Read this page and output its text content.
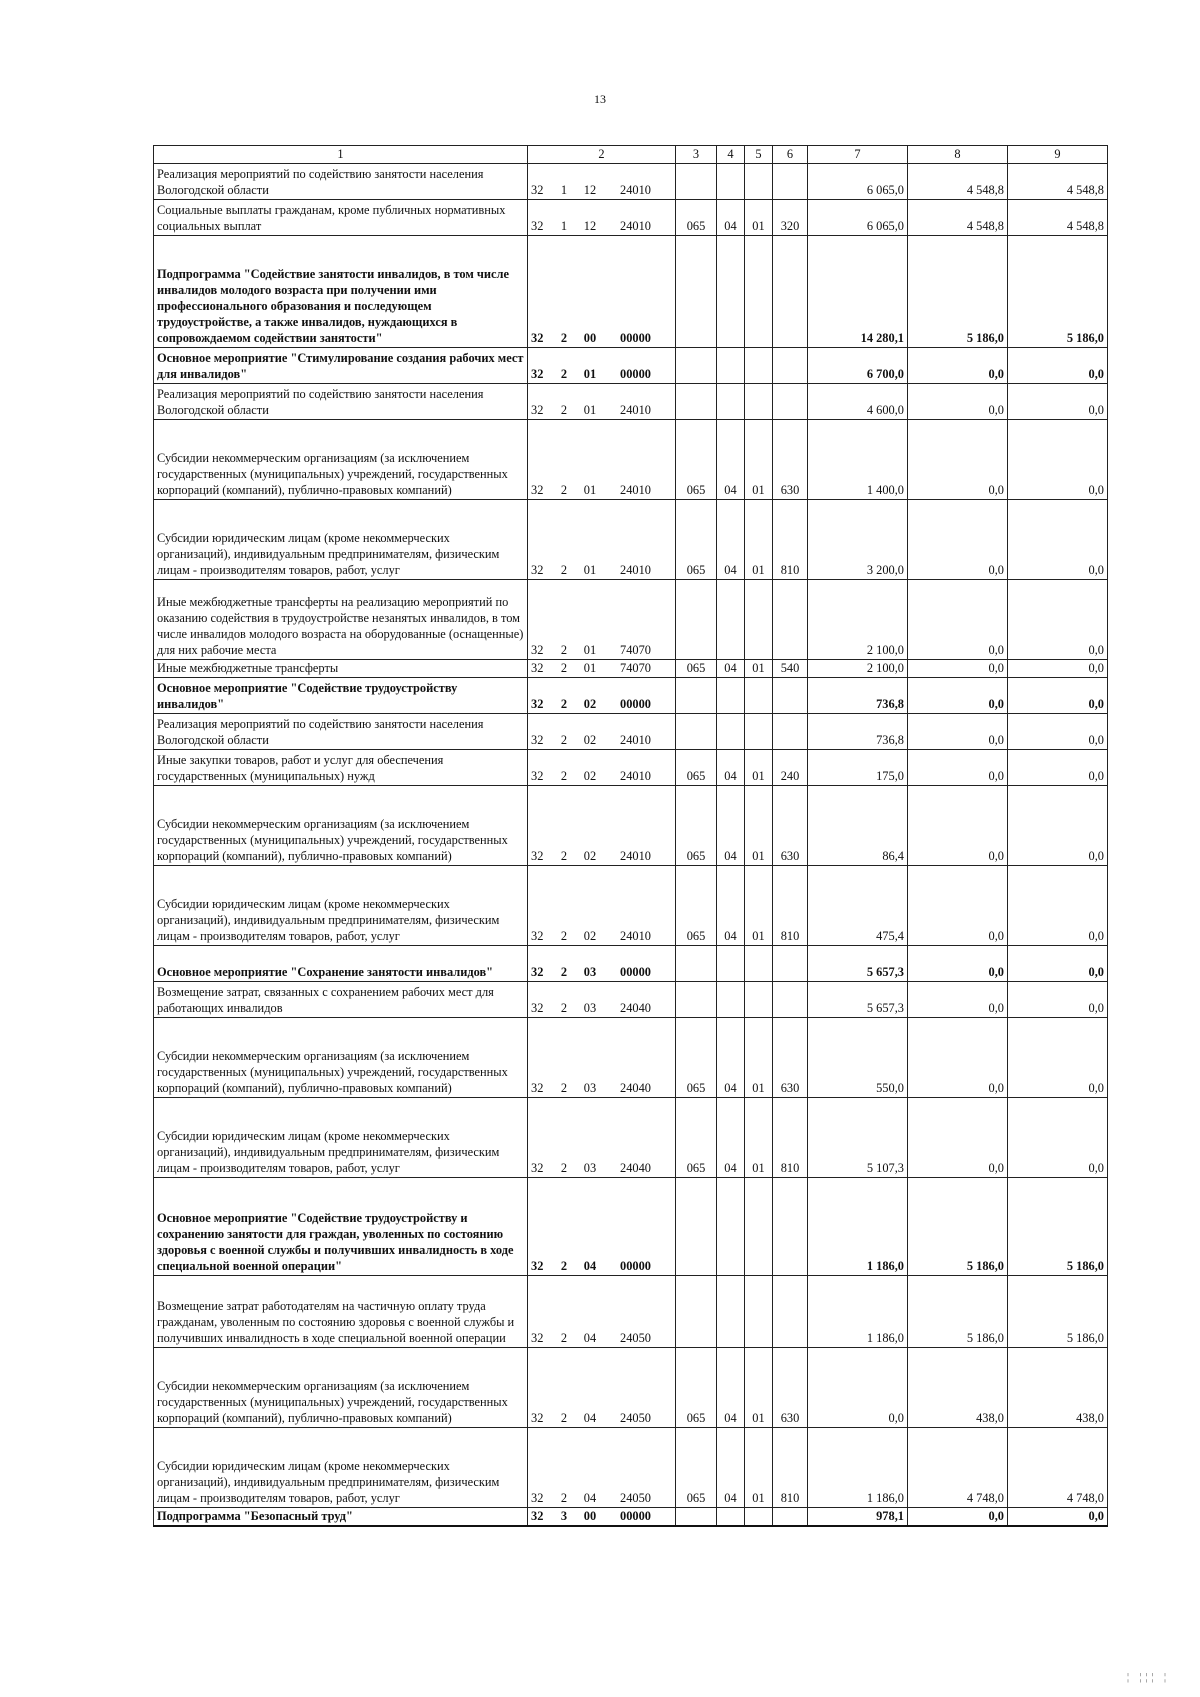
13
1	2	3	4	5	6	7	8	9
Реализация мероприятий по содействию занятости населения Вологодской области	32 1 12 24010					6 065,0	4 548,8	4 548,8
Социальные выплаты гражданам, кроме публичных нормативных социальных выплат	32 1 12 24010	065	04	01	320	6 065,0	4 548,8	4 548,8
Подпрограмма "Содействие занятости инвалидов, в том числе инвалидов молодого возраста при получении ими профессионального образования и последующем трудоустройстве, а также инвалидов, нуждающихся в сопровождаемом содействии занятости"	32 2 00 00000					14 280,1	5 186,0	5 186,0
Основное мероприятие "Стимулирование создания рабочих мест для инвалидов"	32 2 01 00000					6 700,0	0,0	0,0
Реализация мероприятий по содействию занятости населения Вологодской области	32 2 01 24010					4 600,0	0,0	0,0
Субсидии некоммерческим организациям (за исключением государственных (муниципальных) учреждений, государственных корпораций (компаний), публично-правовых компаний)	32 2 01 24010	065	04	01	630	1 400,0	0,0	0,0
Субсидии юридическим лицам (кроме некоммерческих организаций), индивидуальным предпринимателям, физическим лицам - производителям товаров, работ, услуг	32 2 01 24010	065	04	01	810	3 200,0	0,0	0,0
Иные межбюджетные трансферты на реализацию мероприятий по оказанию содействия в трудоустройстве незанятых инвалидов, в том числе инвалидов молодого возраста на оборудованные (оснащенные) для них рабочие места	32 2 01 74070					2 100,0	0,0	0,0
Иные межбюджетные трансферты	32 2 01 74070	065	04	01	540	2 100,0	0,0	0,0
Основное мероприятие "Содействие трудоустройству инвалидов"	32 2 02 00000					736,8	0,0	0,0
Реализация мероприятий по содействию занятости населения Вологодской области	32 2 02 24010					736,8	0,0	0,0
Иные закупки товаров, работ и услуг для обеспечения государственных (муниципальных) нужд	32 2 02 24010	065	04	01	240	175,0	0,0	0,0
Субсидии некоммерческим организациям (за исключением государственных (муниципальных) учреждений, государственных корпораций (компаний), публично-правовых компаний)	32 2 02 24010	065	04	01	630	86,4	0,0	0,0
Субсидии юридическим лицам (кроме некоммерческих организаций), индивидуальным предпринимателям, физическим лицам - производителям товаров, работ, услуг	32 2 02 24010	065	04	01	810	475,4	0,0	0,0
Основное мероприятие "Сохранение занятости инвалидов"	32 2 03 00000					5 657,3	0,0	0,0
Возмещение затрат, связанных с сохранением рабочих мест для работающих инвалидов	32 2 03 24040					5 657,3	0,0	0,0
Субсидии некоммерческим организациям (за исключением государственных (муниципальных) учреждений, государственных корпораций (компаний), публично-правовых компаний)	32 2 03 24040	065	04	01	630	550,0	0,0	0,0
Субсидии юридическим лицам (кроме некоммерческих организаций), индивидуальным предпринимателям, физическим лицам - производителям товаров, работ, услуг	32 2 03 24040	065	04	01	810	5 107,3	0,0	0,0
Основное мероприятие "Содействие трудоустройству и сохранению занятости для граждан, уволенных по состоянию здоровья с военной службы и получивших инвалидность в ходе специальной военной операции"	32 2 04 00000					1 186,0	5 186,0	5 186,0
Возмещение затрат работодателям на частичную оплату труда гражданам, уволенным по состоянию здоровья с военной службы и получивших инвалидность в ходе специальной военной операции	32 2 04 24050					1 186,0	5 186,0	5 186,0
Субсидии некоммерческим организациям (за исключением государственных (муниципальных) учреждений, государственных корпораций (компаний), публично-правовых компаний)	32 2 04 24050	065	04	01	630	0,0	438,0	438,0
Субсидии юридическим лицам (кроме некоммерческих организаций), индивидуальным предпринимателям, физическим лицам - производителям товаров, работ, услуг	32 2 04 24050	065	04	01	810	1 186,0	4 748,0	4 748,0
Подпрограмма "Безопасный труд"	32 3 00 00000					978,1	0,0	0,0
¦ ¦¦¦ ¦
